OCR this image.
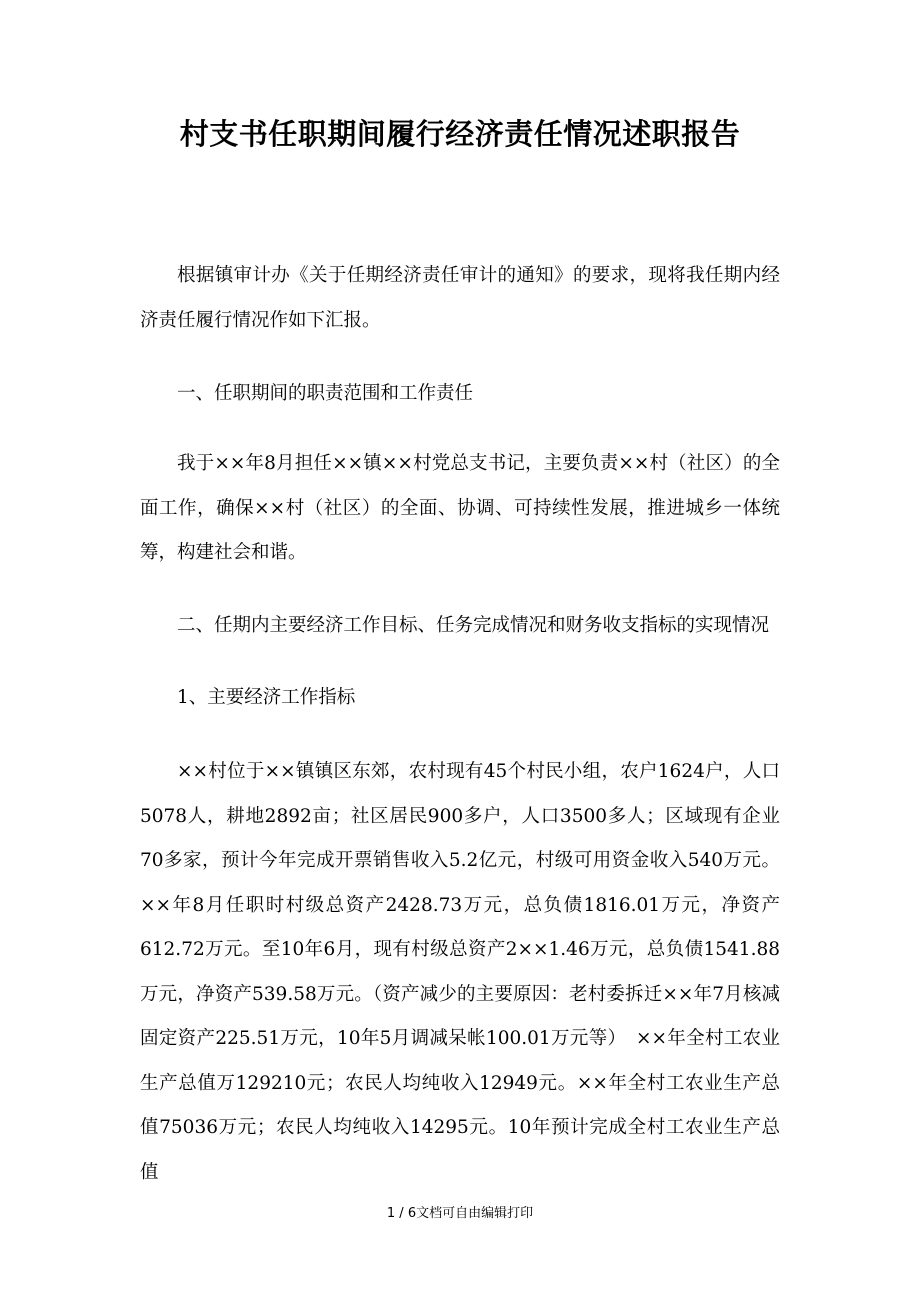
村支书任职期间履行经济责任情况述职报告

根据镇审计办《关于任期经济责任审计的通知》的要求，现将我任期内经济责任履行情况作如下汇报。

一、任职期间的职责范围和工作责任

我于××年8月担任××镇××村党总支书记，主要负责××村（社区）的全面工作，确保××村（社区）的全面、协调、可持续性发展，推进城乡一体统筹，构建社会和谐。

二、任期内主要经济工作目标、任务完成情况和财务收支指标的实现情况

1、主要经济工作指标

××村位于××镇镇区东郊，农村现有45个村民小组，农户1624户，人口5078人，耕地2892亩；社区居民900多户，人口3500多人；区域现有企业70多家，预计今年完成开票销售收入5.2亿元，村级可用资金收入540万元。××年8月任职时村级总资产2428.73万元，总负债1816.01万元，净资产612.72万元。至10年6月，现有村级总资产2××1.46万元，总负债1541.88万元，净资产539.58万元。（资产减少的主要原因：老村委拆迁××年7月核减固定资产225.51万元，10年5月调减呆帐100.01万元等）　××年全村工农业生产总值万129210元；农民人均纯收入12949元。××年全村工农业生产总值75036万元；农民人均纯收入14295元。10年预计完成全村工农业生产总值

1 / 6文档可自由编辑打印
